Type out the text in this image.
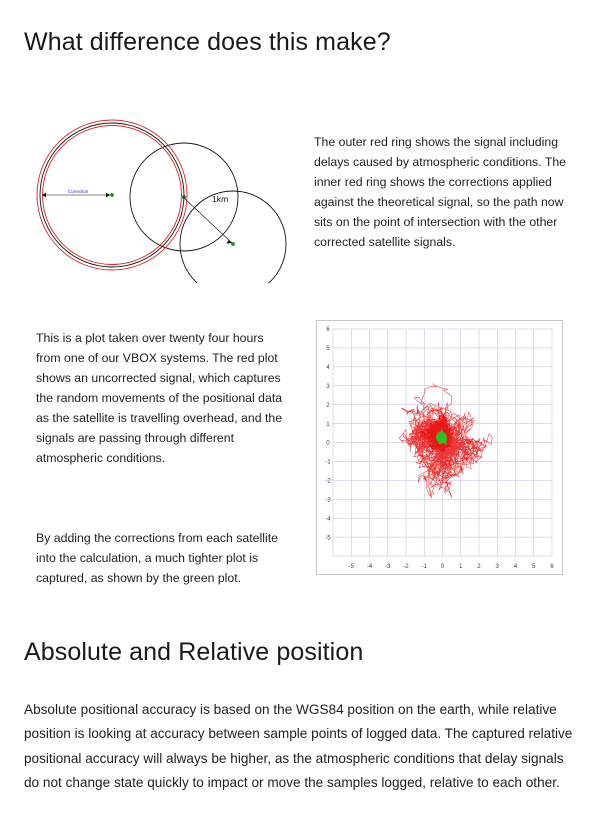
What difference does this make?
Correction
1km

The outer red ring shows the signal including delays caused by atmospheric conditions. The inner red ring shows the corrections applied against the theoretical signal, so the path now sits on the point of intersection with the other corrected satellite signals.

This is a plot taken over twenty four hours from one of our VBOX systems. The red plot shows an uncorrected signal, which captures the random movements of the positional data as the satellite is travelling overhead, and the signals are passing through different atmospheric conditions.

By adding the corrections from each satellite into the calculation, a much tighter plot is captured, as shown by the green plot.

-5 -4 -3 -2 -1 0 1 2 3 4 5 6
6
5
4
3
2
1
0
-1
-2
-3
-4
-5
Absolute and Relative position

Absolute positional accuracy is based on the WGS84 position on the earth, while relative position is looking at accuracy between sample points of logged data. The captured relative positional accuracy will always be higher, as the atmospheric conditions that delay signals do not change state quickly to impact or move the samples logged, relative to each other.
